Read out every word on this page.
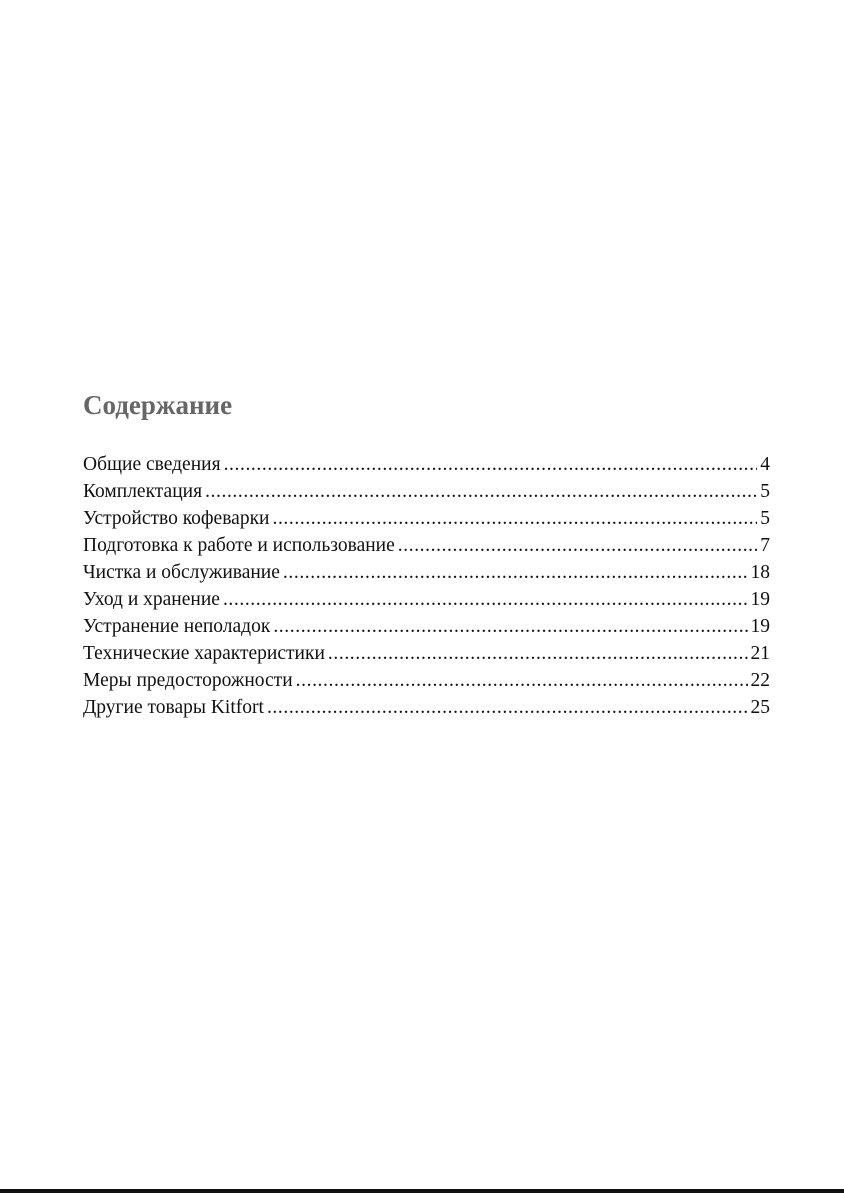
Содержание
Общие сведения .....	4
Комплектация .....	5
Устройство кофеварки .....	5
Подготовка к работе и использование .....	7
Чистка и обслуживание .....	18
Уход и хранение .....	19
Устранение неполадок .....	19
Технические характеристики .....	21
Меры предосторожности .....	22
Другие товары Kitfort .....	25
